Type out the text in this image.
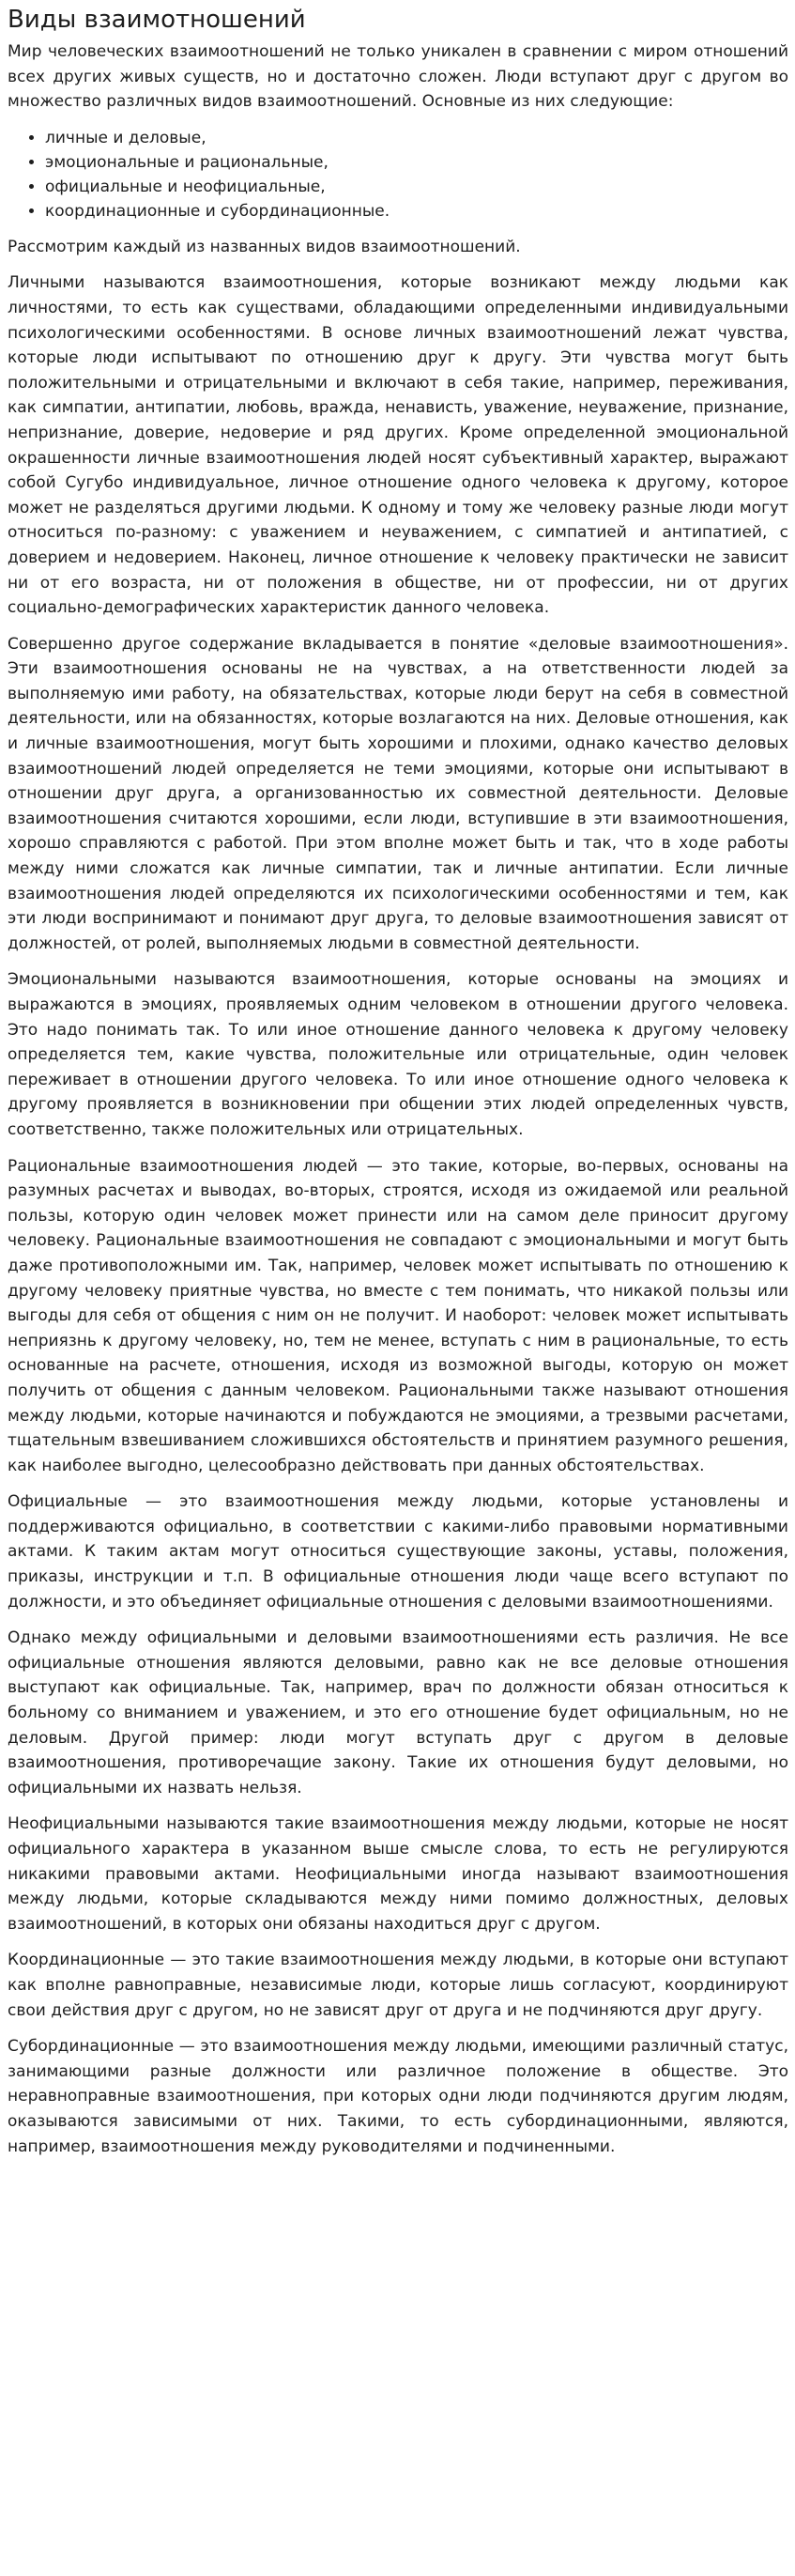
Виды взаимотношений

Мир человеческих взаимоотношений не только уникален в сравнении с миром отношений всех других живых существ, но и достаточно сложен. Люди вступают друг с другом во множество различных видов взаимоотношений. Основные из них следующие:

• личные и деловые,
• эмоциональные и рациональные,
• официальные и неофициальные,
• координационные и субординационные.

Рассмотрим каждый из названных видов взаимоотношений.

Личными называются взаимоотношения, которые возникают между людьми как личностями, то есть как существами, обладающими определенными индивидуальными психологическими особенностями. В основе личных взаимоотношений лежат чувства, которые люди испытывают по отношению друг к другу. Эти чувства могут быть положительными и отрицательными и включают в себя такие, например, переживания, как симпатии, антипатии, любовь, вражда, ненависть, уважение, неуважение, признание, непризнание, доверие, недоверие и ряд других. Кроме определенной эмоциональной окрашенности личные взаимоотношения людей носят субъективный характер, выражают собой Сугубо индивидуальное, личное отношение одного человека к другому, которое может не разделяться другими людьми. К одному и тому же человеку разные люди могут относиться по-разному: с уважением и неуважением, с симпатией и антипатией, с доверием и недоверием. Наконец, личное отношение к человеку практически не зависит ни от его возраста, ни от положения в обществе, ни от профессии, ни от других социально-демографических характеристик данного человека.

Совершенно другое содержание вкладывается в понятие «деловые взаимоотношения». Эти взаимоотношения основаны не на чувствах, а на ответственности людей за выполняемую ими работу, на обязательствах, которые люди берут на себя в совместной деятельности, или на обязанностях, которые возлагаются на них. Деловые отношения, как и личные взаимоотношения, могут быть хорошими и плохими, однако качество деловых взаимоотношений людей определяется не теми эмоциями, которые они испытывают в отношении друг друга, а организованностью их совместной деятельности. Деловые взаимоотношения считаются хорошими, если люди, вступившие в эти взаимоотношения, хорошо справляются с работой. При этом вполне может быть и так, что в ходе работы между ними сложатся как личные симпатии, так и личные антипатии. Если личные взаимоотношения людей определяются их психологическими особенностями и тем, как эти люди воспринимают и понимают друг друга, то деловые взаимоотношения зависят от должностей, от ролей, выполняемых людьми в совместной деятельности.

Эмоциональными называются взаимоотношения, которые основаны на эмоциях и выражаются в эмоциях, проявляемых одним человеком в отношении другого человека. Это надо понимать так. То или иное отношение данного человека к другому человеку определяется тем, какие чувства, положительные или отрицательные, один человек переживает в отношении другого человека. То или иное отношение одного человека к другому проявляется в возникновении при общении этих людей определенных чувств, соответственно, также положительных или отрицательных.

Рациональные взаимоотношения людей — это такие, которые, во-первых, основаны на разумных расчетах и выводах, во-вторых, строятся, исходя из ожидаемой или реальной пользы, которую один человек может принести или на самом деле приносит другому человеку. Рациональные взаимоотношения не совпадают с эмоциональными и могут быть даже противоположными им. Так, например, человек может испытывать по отношению к другому человеку приятные чувства, но вместе с тем понимать, что никакой пользы или выгоды для себя от общения с ним он не получит. И наоборот: человек может испытывать неприязнь к другому человеку, но, тем не менее, вступать с ним в рациональные, то есть основанные на расчете, отношения, исходя из возможной выгоды, которую он может получить от общения с данным человеком. Рациональными также называют отношения между людьми, которые начинаются и побуждаются не эмоциями, а трезвыми расчетами, тщательным взвешиванием сложившихся обстоятельств и принятием разумного решения, как наиболее выгодно, целесообразно действовать при данных обстоятельствах.

Официальные — это взаимоотношения между людьми, которые установлены и поддерживаются официально, в соответствии с какими-либо правовыми нормативными актами. К таким актам могут относиться существующие законы, уставы, положения, приказы, инструкции и т.п. В официальные отношения люди чаще всего вступают по должности, и это объединяет официальные отношения с деловыми взаимоотношениями.

Однако между официальными и деловыми взаимоотношениями есть различия. Не все официальные отношения являются деловыми, равно как не все деловые отношения выступают как официальные. Так, например, врач по должности обязан относиться к больному со вниманием и уважением, и это его отношение будет официальным, но не деловым. Другой пример: люди могут вступать друг с другом в деловые взаимоотношения, противоречащие закону. Такие их отношения будут деловыми, но официальными их назвать нельзя.

Неофициальными называются такие взаимоотношения между людьми, которые не носят официального характера в указанном выше смысле слова, то есть не регулируются никакими правовыми актами. Неофициальными иногда называют взаимоотношения между людьми, которые складываются между ними помимо должностных, деловых взаимоотношений, в которых они обязаны находиться друг с другом.

Координационные — это такие взаимоотношения между людьми, в которые они вступают как вполне равноправные, независимые люди, которые лишь согласуют, координируют свои действия друг с другом, но не зависят друг от друга и не подчиняются друг другу.

Субординационные — это взаимоотношения между людьми, имеющими различный статус, занимающими разные должности или различное положение в обществе. Это неравноправные взаимоотношения, при которых одни люди подчиняются другим людям, оказываются зависимыми от них. Такими, то есть субординационными, являются, например, взаимоотношения между руководителями и подчиненными.
